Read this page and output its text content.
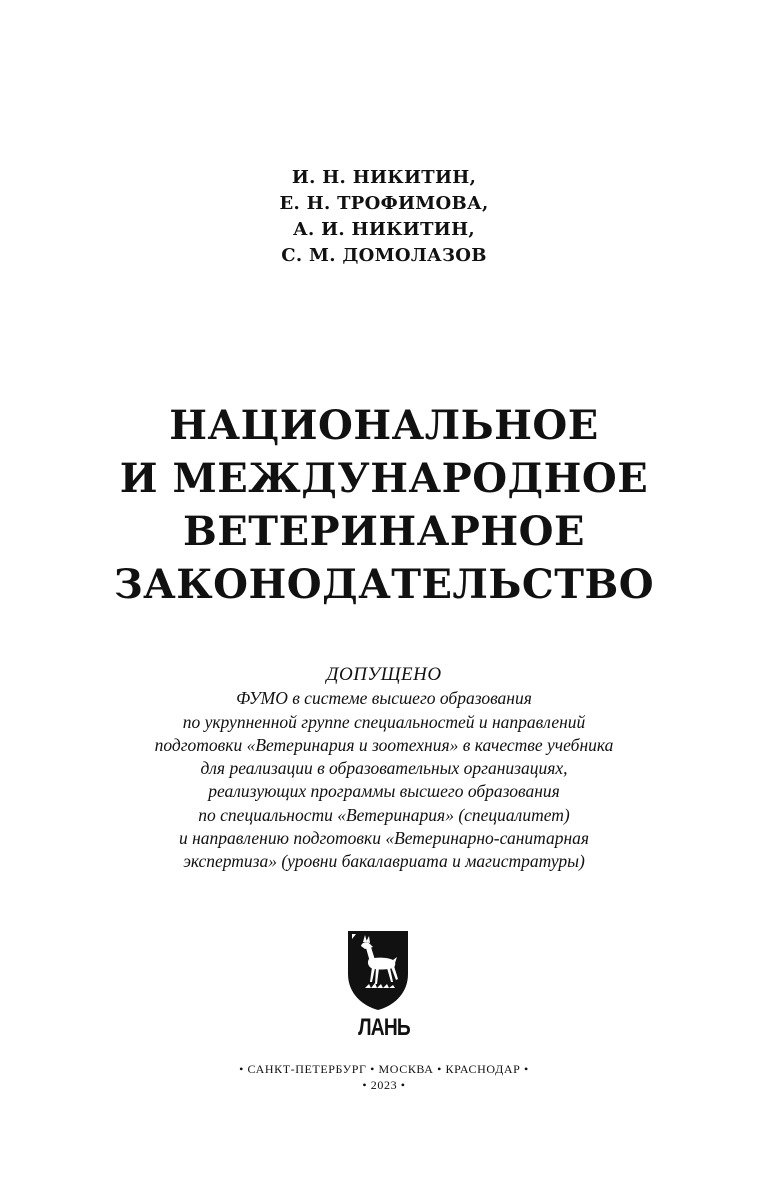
И. Н. НИКИТИН,
Е. Н. ТРОФИМОВА,
А. И. НИКИТИН,
С. М. ДОМОЛАЗОВ
НАЦИОНАЛЬНОЕ
И МЕЖДУНАРОДНОЕ
ВЕТЕРИНАРНОЕ
ЗАКОНОДАТЕЛЬСТВО
ДОПУЩЕНО
ФУМО в системе высшего образования
по укрупненной группе специальностей и направлений
подготовки «Ветеринария и зоотехния» в качестве учебника
для реализации в образовательных организациях,
реализующих программы высшего образования
по специальности «Ветеринария» (специалитет)
и направлению подготовки «Ветеринарно-санитарная
экспертиза» (уровни бакалавриата и магистратуры)
ЛАНЬ
• САНКТ-ПЕТЕРБУРГ • МОСКВА • КРАСНОДАР •
• 2023 •
